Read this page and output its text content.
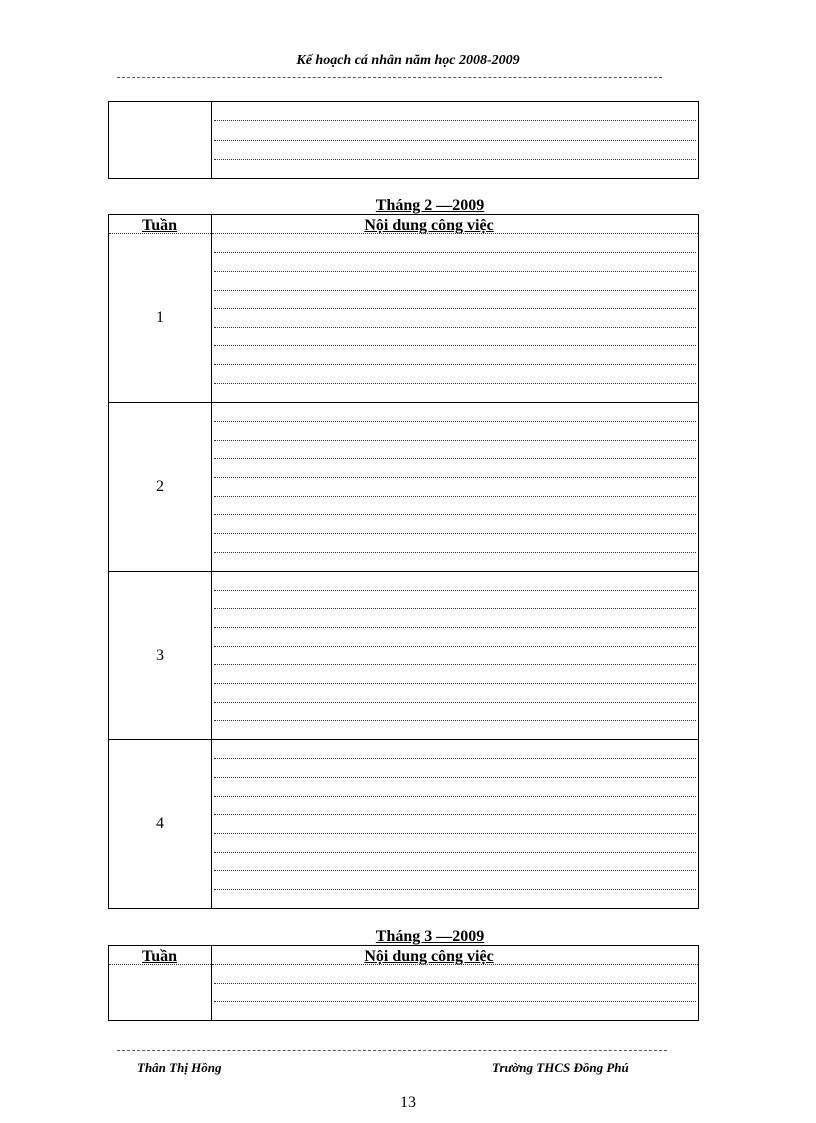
Kế hoạch cá nhân năm học 2008-2009
Tháng 2 —2009
Tuần	Nội dung công việc
1
2
3
4
Tháng 3 —2009
Tuần	Nội dung công việc
Thân Thị Hồng	Trường THCS Đồng Phú
13
